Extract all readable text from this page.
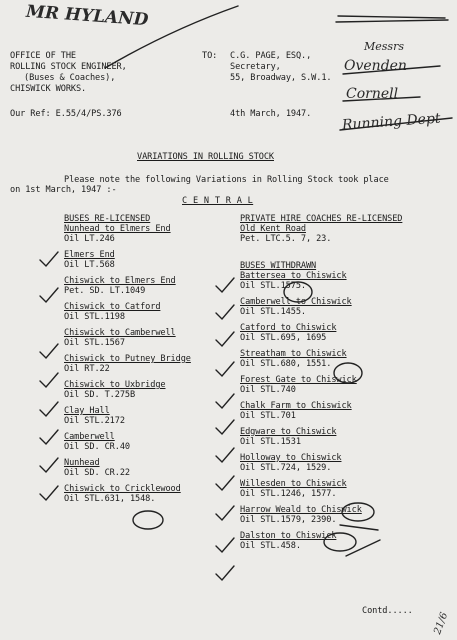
MR HYLAND
Messrs
Ovenden
Cornell
Running Dept
21/6
OFFICE OF THE
ROLLING STOCK ENGINEER,
(Buses & Coaches),
CHISWICK WORKS.
Our Ref: E.55/4/PS.376
TO: C.G. PAGE, ESQ.,
Secretary,
55, Broadway, S.W.1.
4th March, 1947.
VARIATIONS IN ROLLING STOCK
Please note the following Variations in Rolling Stock took place
on 1st March, 1947 :-
C E N T R A L
BUSES RE-LICENSED
Nunhead to Elmers End
Oil LT.246
Elmers End
Oil LT.568
Chiswick to Elmers End
Pet. SD. LT.1049
Chiswick to Catford
Oil STL.1198
Chiswick to Camberwell
Oil STL.1567
Chiswick to Putney Bridge
Oil RT.22
Chiswick to Uxbridge
Oil SD. T.275B
Clay Hall
Oil STL.2172
Camberwell
Oil SD. CR.40
Nunhead
Oil SD. CR.22
Chiswick to Cricklewood
Oil STL.631, 1548.
PRIVATE HIRE COACHES RE-LICENSED
Old Kent Road
Pet. LTC.5. 7, 23.
BUSES WITHDRAWN
Battersea to Chiswick
Oil STL.1575.
Camberwell to Chiswick
Oil STL.1455.
Catford to Chiswick
Oil STL.695, 1695
Streatham to Chiswick
Oil STL.680, 1551.
Forest Gate to Chiswick
Oil STL.740
Chalk Farm to Chiswick
Oil STL.701
Edgware to Chiswick
Oil STL.1531
Holloway to Chiswick
Oil STL.724, 1529.
Willesden to Chiswick
Oil STL.1246, 1577.
Harrow Weald to Chiswick
Oil STL.1579, 2390.
Dalston to Chiswick
Oil STL.458.
Contd.....
